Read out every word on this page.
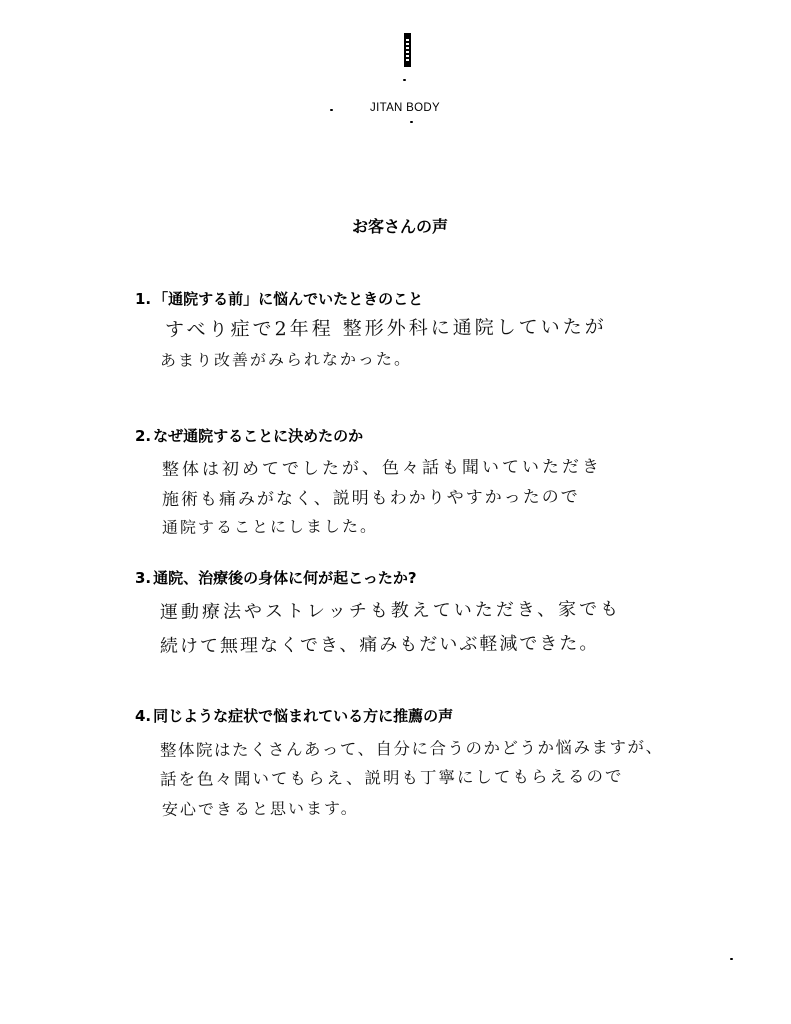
JITAN BODY
お客さんの声
1. 「通院する前」に悩んでいたときのこと
すべり症で2年程 整形外科に通院していたが
あまり改善がみられなかった。
2. なぜ通院することに決めたのか
整体は初めてでしたが、色々話も聞いていただき
施術も痛みがなく、説明もわかりやすかったので
通院することにしました。
3. 通院、治療後の身体に何が起こったか?
運動療法やストレッチも教えていただき、家でも
続けて無理なくでき、痛みもだいぶ軽減できた。
4. 同じような症状で悩まれている方に推薦の声
整体院はたくさんあって、自分に合うのかどうか悩みますが、
話を色々聞いてもらえ、説明も丁寧にしてもらえるので
安心できると思います。
